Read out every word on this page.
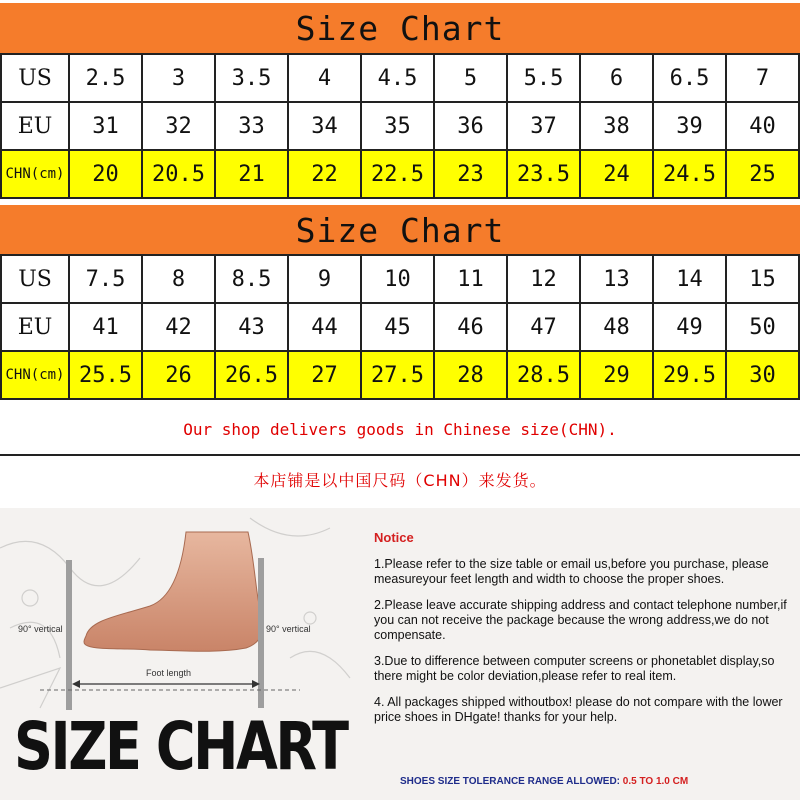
Size Chart
US	2.5	3	3.5	4	4.5	5	5.5	6	6.5	7
EU	31	32	33	34	35	36	37	38	39	40
CHN(cm)	20	20.5	21	22	22.5	23	23.5	24	24.5	25
Size Chart
US	7.5	8	8.5	9	10	11	12	13	14	15
EU	41	42	43	44	45	46	47	48	49	50
CHN(cm)	25.5	26	26.5	27	27.5	28	28.5	29	29.5	30
Our shop delivers goods in Chinese size(CHN).
本店铺是以中国尺码（CHN）来发货。
90° vertical	90° vertical
Foot length
SIZE CHART
Notice

1.Please refer to the size table or email us,before you purchase, please measureyour feet length and width to choose the proper shoes.

2.Please leave accurate shipping address and contact telephone number,if you can not receive the package because the wrong address,we do not compensate.

3.Due to difference between computer screens or phonetablet display,so there might be color deviation,please refer to real item.

4. All packages shipped withoutbox! please do not compare with the lower price shoes in DHgate! thanks for your help.

SHOES SIZE TOLERANCE RANGE ALLOWED: 0.5 TO 1.0 CM
